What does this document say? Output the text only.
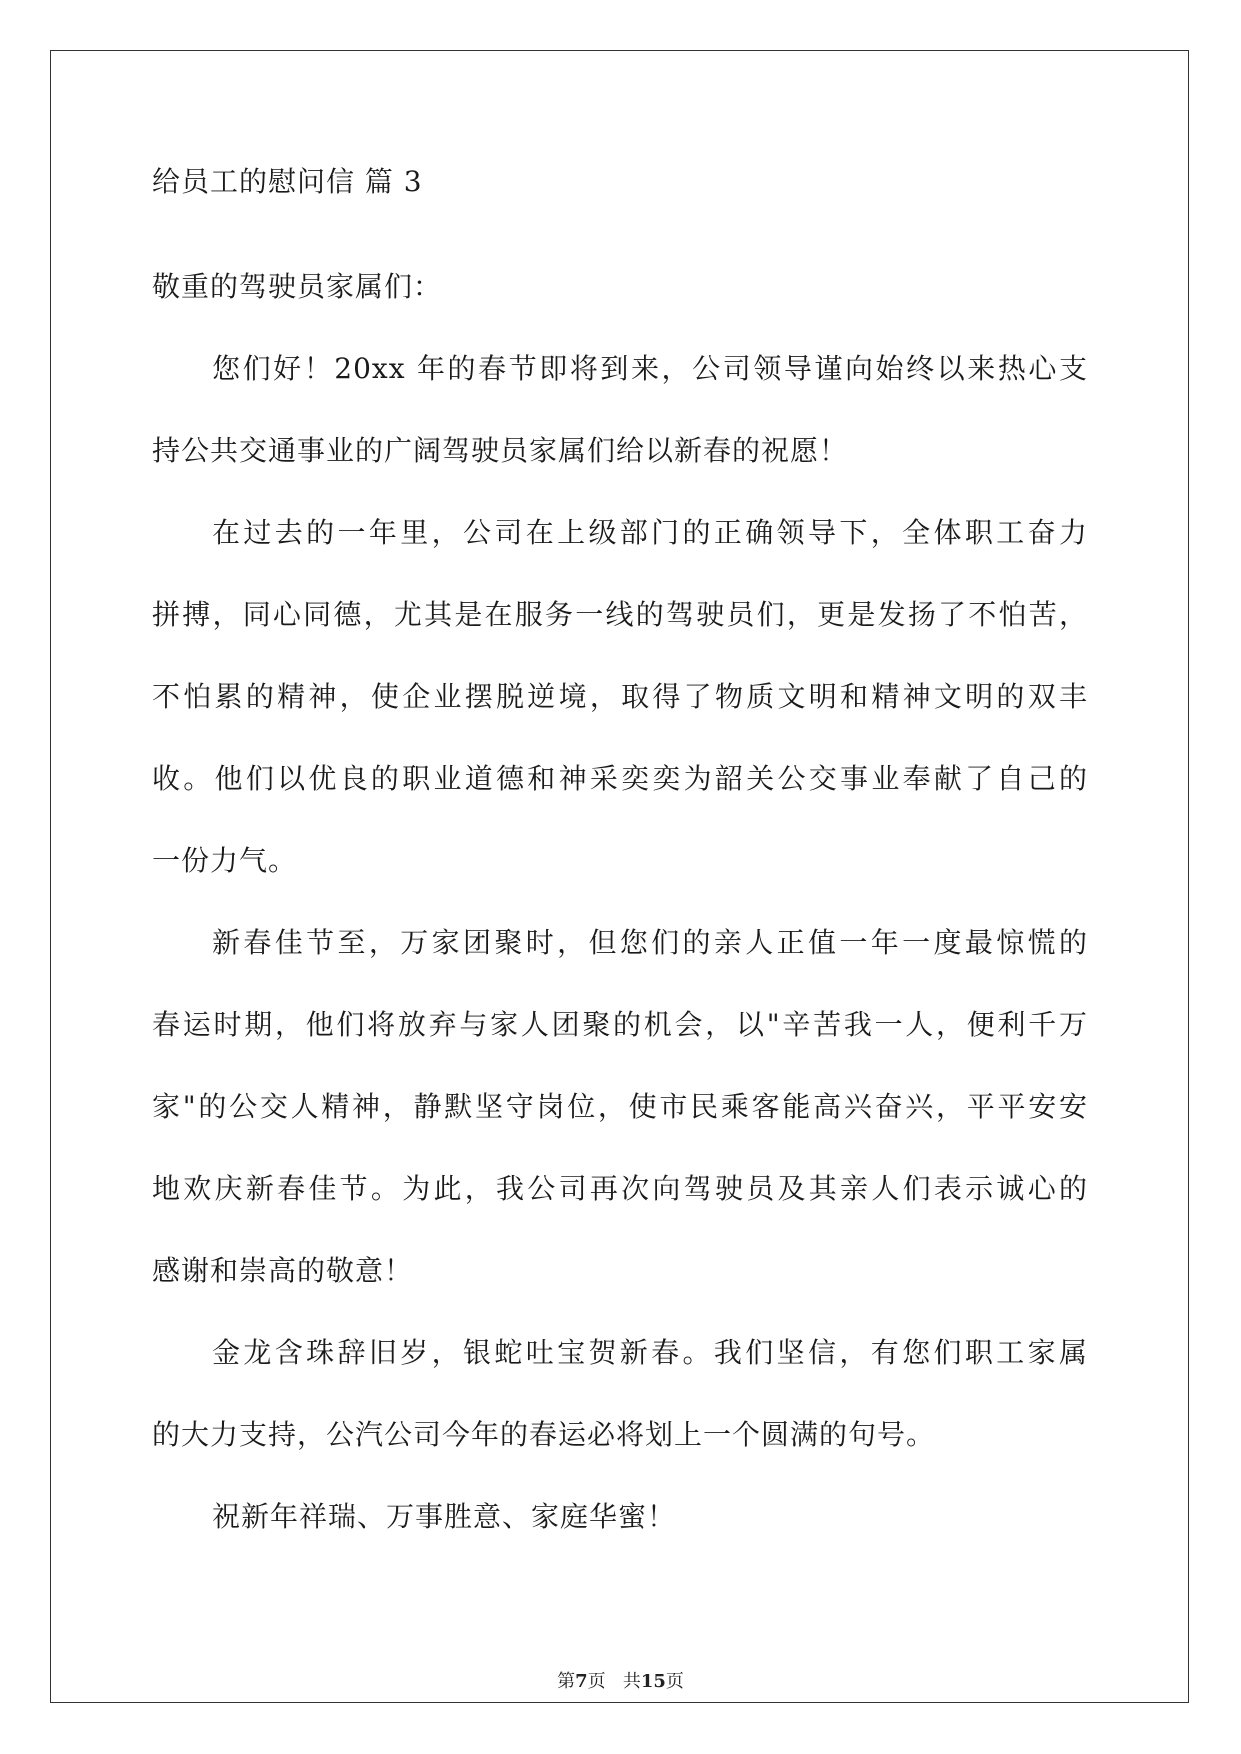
给员工的慰问信 篇 3
敬重的驾驶员家属们：
您们好！20xx 年的春节即将到来，公司领导谨向始终以来热心支
持公共交通事业的广阔驾驶员家属们给以新春的祝愿！
在过去的一年里，公司在上级部门的正确领导下，全体职工奋力
拼搏，同心同德，尤其是在服务一线的驾驶员们，更是发扬了不怕苦，
不怕累的精神，使企业摆脱逆境，取得了物质文明和精神文明的双丰
收。他们以优良的职业道德和神采奕奕为韶关公交事业奉献了自己的
一份力气。
新春佳节至，万家团聚时，但您们的亲人正值一年一度最惊慌的
春运时期，他们将放弃与家人团聚的机会，以"辛苦我一人，便利千万
家"的公交人精神，静默坚守岗位，使市民乘客能高兴奋兴，平平安安
地欢庆新春佳节。为此，我公司再次向驾驶员及其亲人们表示诚心的
感谢和崇高的敬意！
金龙含珠辞旧岁，银蛇吐宝贺新春。我们坚信，有您们职工家属
的大力支持，公汽公司今年的春运必将划上一个圆满的句号。
祝新年祥瑞、万事胜意、家庭华蜜！
第7页 共15页
